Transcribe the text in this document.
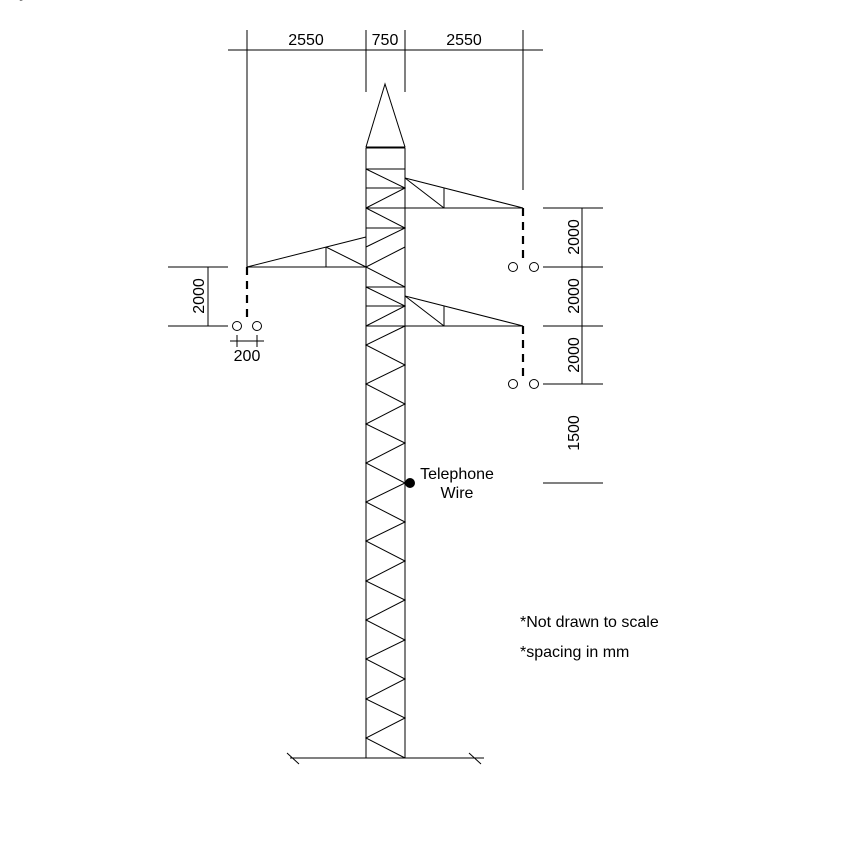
2550	750	2550
2000
2000
2000
1500
2000
200
Telephone
Wire
*Not drawn to scale
*spacing in mm
